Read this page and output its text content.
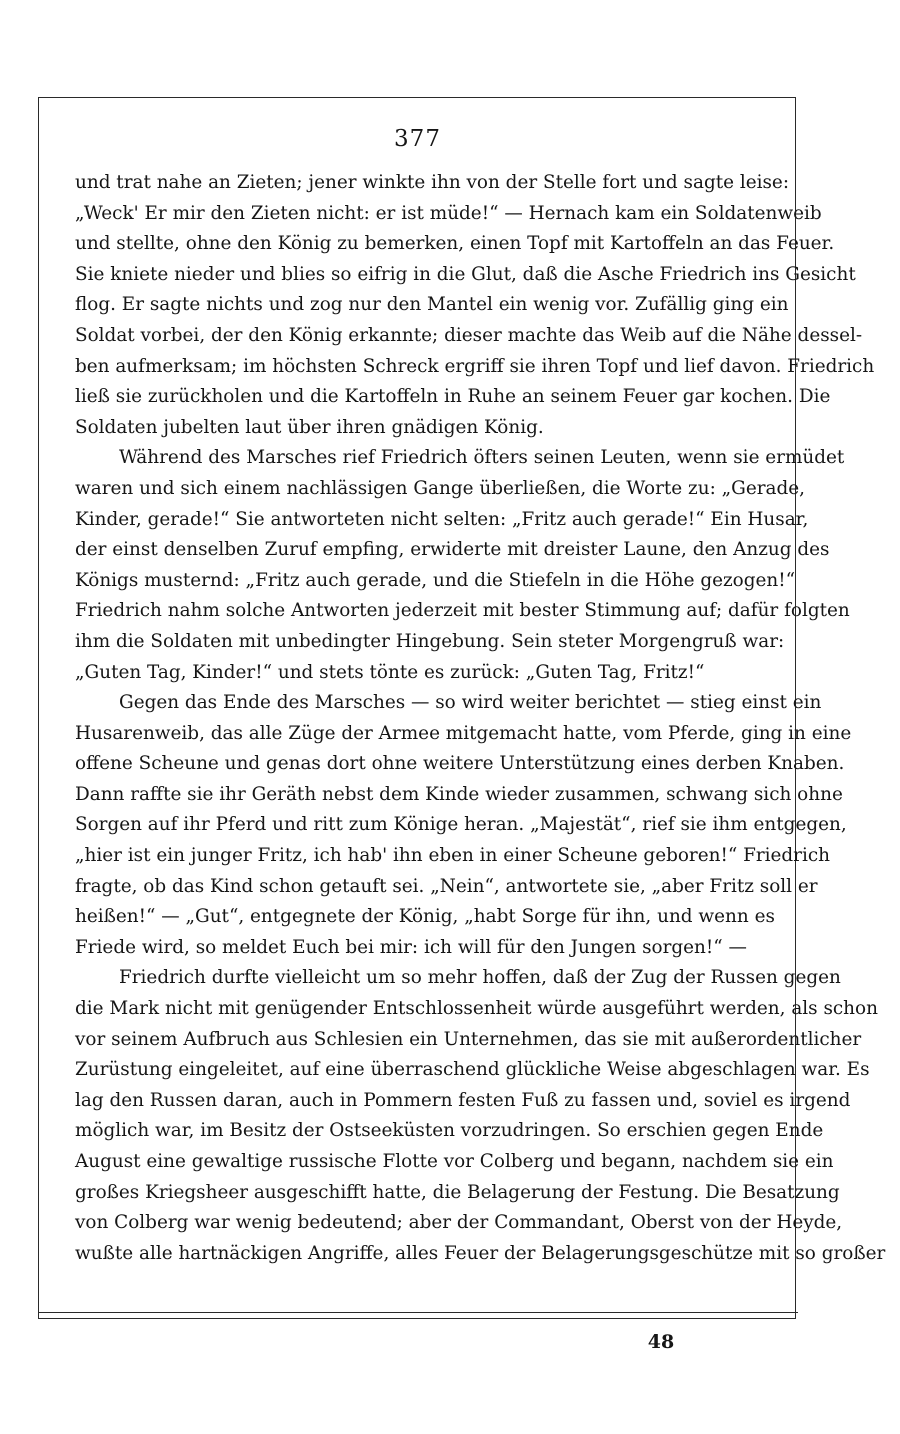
377
und trat nahe an Zieten; jener winkte ihn von der Stelle fort und sagte leise:
„Weck' Er mir den Zieten nicht: er ist müde!“ — Hernach kam ein Soldatenweib
und stellte, ohne den König zu bemerken, einen Topf mit Kartoffeln an das Feuer.
Sie kniete nieder und blies so eifrig in die Glut, daß die Asche Friedrich ins Gesicht
flog. Er sagte nichts und zog nur den Mantel ein wenig vor. Zufällig ging ein
Soldat vorbei, der den König erkannte; dieser machte das Weib auf die Nähe dessel-
ben aufmerksam; im höchsten Schreck ergriff sie ihren Topf und lief davon. Friedrich
ließ sie zurückholen und die Kartoffeln in Ruhe an seinem Feuer gar kochen. Die
Soldaten jubelten laut über ihren gnädigen König.
Während des Marsches rief Friedrich öfters seinen Leuten, wenn sie ermüdet
waren und sich einem nachlässigen Gange überließen, die Worte zu: „Gerade,
Kinder, gerade!“ Sie antworteten nicht selten: „Fritz auch gerade!“ Ein Husar,
der einst denselben Zuruf empfing, erwiderte mit dreister Laune, den Anzug des
Königs musternd: „Fritz auch gerade, und die Stiefeln in die Höhe gezogen!“
Friedrich nahm solche Antworten jederzeit mit bester Stimmung auf; dafür folgten
ihm die Soldaten mit unbedingter Hingebung. Sein steter Morgengruß war:
„Guten Tag, Kinder!“ und stets tönte es zurück: „Guten Tag, Fritz!“
Gegen das Ende des Marsches — so wird weiter berichtet — stieg einst ein
Husarenweib, das alle Züge der Armee mitgemacht hatte, vom Pferde, ging in eine
offene Scheune und genas dort ohne weitere Unterstützung eines derben Knaben.
Dann raffte sie ihr Geräth nebst dem Kinde wieder zusammen, schwang sich ohne
Sorgen auf ihr Pferd und ritt zum Könige heran. „Majestät“, rief sie ihm entgegen,
„hier ist ein junger Fritz, ich hab' ihn eben in einer Scheune geboren!“ Friedrich
fragte, ob das Kind schon getauft sei. „Nein“, antwortete sie, „aber Fritz soll er
heißen!“ — „Gut“, entgegnete der König, „habt Sorge für ihn, und wenn es
Friede wird, so meldet Euch bei mir: ich will für den Jungen sorgen!“ —
Friedrich durfte vielleicht um so mehr hoffen, daß der Zug der Russen gegen
die Mark nicht mit genügender Entschlossenheit würde ausgeführt werden, als schon
vor seinem Aufbruch aus Schlesien ein Unternehmen, das sie mit außerordentlicher
Zurüstung eingeleitet, auf eine überraschend glückliche Weise abgeschlagen war. Es
lag den Russen daran, auch in Pommern festen Fuß zu fassen und, soviel es irgend
möglich war, im Besitz der Ostseeküsten vorzudringen. So erschien gegen Ende
August eine gewaltige russische Flotte vor Colberg und begann, nachdem sie ein
großes Kriegsheer ausgeschifft hatte, die Belagerung der Festung. Die Besatzung
von Colberg war wenig bedeutend; aber der Commandant, Oberst von der Heyde,
wußte alle hartnäckigen Angriffe, alles Feuer der Belagerungsgeschütze mit so großer
48
